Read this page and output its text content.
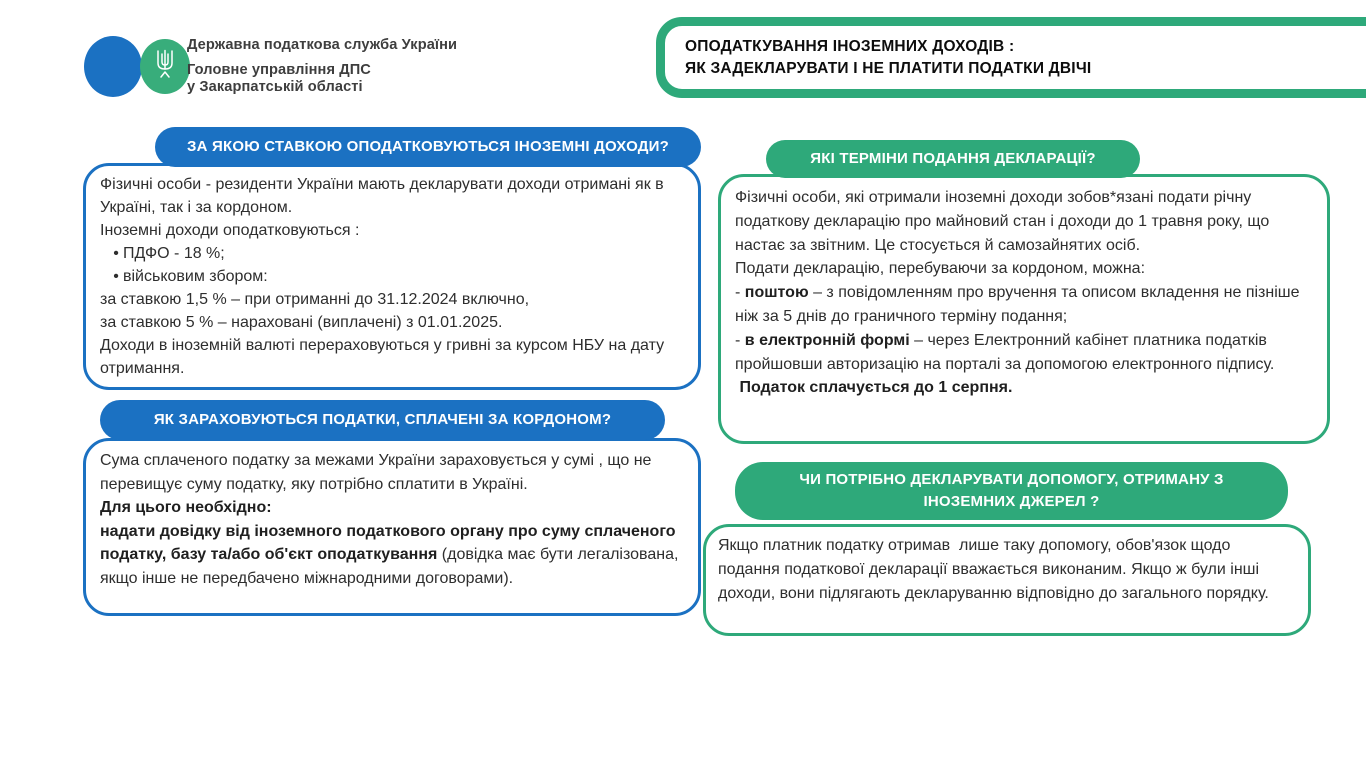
Державна податкова служба України
Головне управління ДПС
у Закарпатській області
ОПОДАТКУВАННЯ ІНОЗЕМНИХ ДОХОДІВ :
ЯК ЗАДЕКЛАРУВАТИ І НЕ ПЛАТИТИ ПОДАТКИ ДВІЧІ
ЗА ЯКОЮ СТАВКОЮ ОПОДАТКОВУЮТЬСЯ ІНОЗЕМНІ ДОХОДИ?

Фізичні особи - резиденти України мають декларувати доходи отримані як в Україні, так і за кордоном.

Іноземні доходи оподатковуються :

• ПДФО - 18 %;
• військовим збором:

за ставкою 1,5 % – при отриманні до 31.12.2024 включно,

за ставкою 5 % – нараховані (виплачені) з 01.01.2025.

Доходи в іноземній валюті перераховуються у гривні за курсом НБУ на дату отримання.

ЯК ЗАРАХОВУЮТЬСЯ ПОДАТКИ, СПЛАЧЕНІ ЗА КОРДОНОМ?

Сума сплаченого податку за межами України зараховується у сумі , що не перевищує суму податку, яку потрібно сплатити в Україні.

Для цього необхідно:

надати довідку від іноземного податкового органу про суму сплаченого податку, базу та/або об'єкт оподаткування (довідка має бути легалізована, якщо інше не передбачено міжнародними договорами).

ЯКІ ТЕРМІНИ ПОДАННЯ ДЕКЛАРАЦІЇ?

Фізичні особи, які отримали іноземні доходи зобов*язані подати річну податкову декларацію про майновий стан і доходи до 1 травня року, що настає за звітним. Це стосується й самозайнятих осіб.

Подати декларацію, перебуваючи за кордоном, можна:

- поштою – з повідомленням про вручення та описом вкладення не пізніше ніж за 5 днів до граничного терміну подання;

- в електронній формі – через Електронний кабінет платника податків пройшовши авторизацію на порталі за допомогою електронного підпису.

Податок сплачується до 1 серпня.

ЧИ ПОТРІБНО ДЕКЛАРУВАТИ ДОПОМОГУ, ОТРИМАНУ З ІНОЗЕМНИХ ДЖЕРЕЛ ?

Якщо платник податку отримав  лише таку допомогу, обов'язок щодо подання податкової декларації вважається виконаним. Якщо ж були інші доходи, вони підлягають декларуванню відповідно до загального порядку.
